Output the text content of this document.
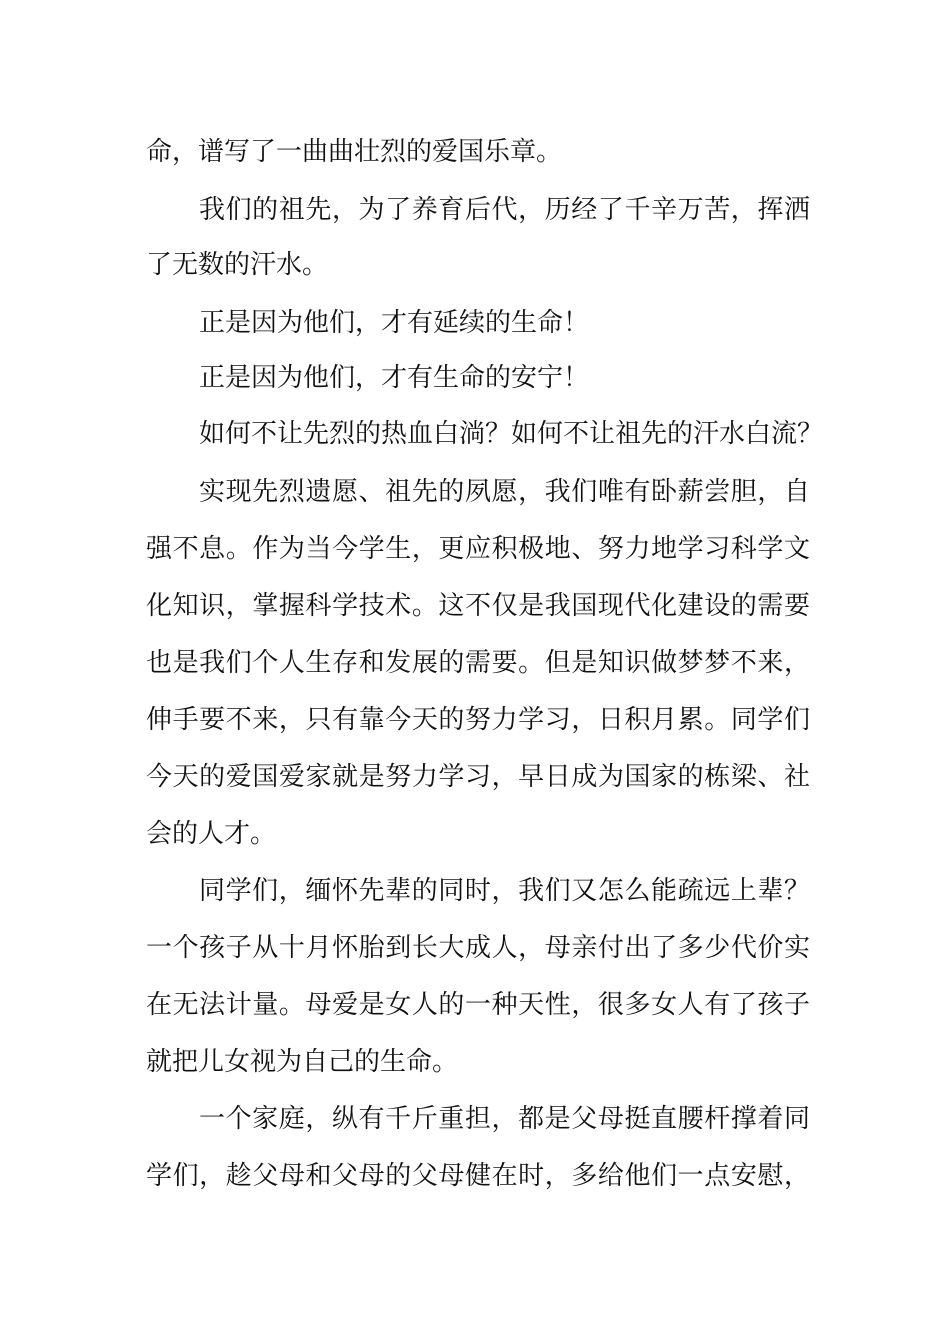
命，谱写了一曲曲壮烈的爱国乐章。
我们的祖先，为了养育后代，历经了千辛万苦，挥洒
了无数的汗水。
正是因为他们，才有延续的生命！
正是因为他们，才有生命的安宁！
如何不让先烈的热血白淌？如何不让祖先的汗水白流？
实现先烈遗愿、祖先的夙愿，我们唯有卧薪尝胆，自
强不息。作为当今学生，更应积极地、努力地学习科学文
化知识，掌握科学技术。这不仅是我国现代化建设的需要
也是我们个人生存和发展的需要。但是知识做梦梦不来，
伸手要不来，只有靠今天的努力学习，日积月累。同学们
今天的爱国爱家就是努力学习，早日成为国家的栋梁、社
会的人才。
同学们，缅怀先辈的同时，我们又怎么能疏远上辈？
一个孩子从十月怀胎到长大成人，母亲付出了多少代价实
在无法计量。母爱是女人的一种天性，很多女人有了孩子
就把儿女视为自己的生命。
一个家庭，纵有千斤重担，都是父母挺直腰杆撑着同
学们，趁父母和父母的父母健在时，多给他们一点安慰，
